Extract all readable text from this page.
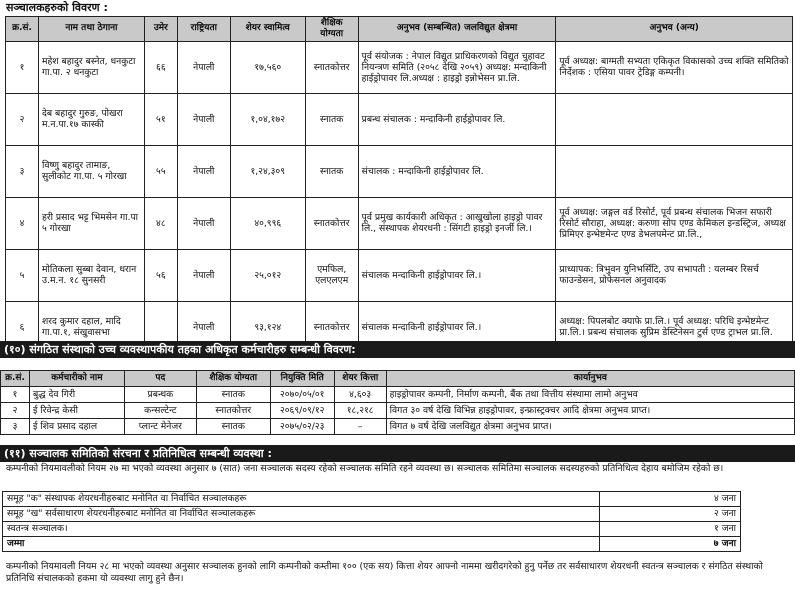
सञ्चालकहरुको विवरण :
क्र.सं.	नाम तथा ठेगाना	उमेर	राष्ट्रियता	शेयर स्वामित्व	शैक्षिक योग्यता	अनुभव (सम्बन्धित) जलविद्युत क्षेत्रमा	अनुभव (अन्य)
१	महेश बहादुर बस्नेत, धनकुटा गा.पा. २ धनकुटा	६६	नेपाली	१७,५६०	स्नातकोत्तर	पूर्व संयोजक : नेपाल विद्युत प्राधिकरणको विद्युत चुहावट नियन्त्रण समिति (२०५८ देखि २०५९) अध्यक्ष: मन्दाकिनी हाईड्रोपावर लि.अध्यक्ष : हाइड्रो इन्नोभेसन प्रा.लि.	पूर्व अध्यक्ष: बाग्मती सभ्यता एकिकृत विकासको उच्च शक्ति समितिको निर्देशक : एसिया पावर ट्रेडिङ्ग कम्पनी।
२	देब बहादुर गुरुङ, पोखरा म.न.पा.१७ कास्की	५१	नेपाली	१,०४,१७२	स्नातक	प्रबन्ध संचालक : मन्दाकिनी हाईड्रोपावर लि.	
३	विष्णु बहादुर तामाङ, सुलीकोट गा.पा. ५ गोरखा	५५	नेपाली	१,२४,३०९	स्नातक	संचालक : मन्दाकिनी हाईड्रोपावर लि.	
४	हरी प्रसाद भट्ट भिमसेन गा.पा ५ गोरखा	४८	नेपाली	४०,९९६	स्नातकोत्तर	पूर्व प्रमुख कार्यकारी अधिकृत : आखुखोला हाइड्रो पावर लि., संस्थापक शेयरधनी : सिंगटी हाइड्रो इनर्जी लि.।	पूर्व अध्यक्ष: जङ्गल वर्ड रिसोर्ट, पूर्व प्रबन्ध संचालक भिजन सफारी रिसोर्ट सौराहा, अध्यक्ष: करुणा सोप एण्ड केमिकल इन्डस्ट्रिज, अध्यक्ष प्रिमिएर इन्भेष्टमेन्ट एण्ड डेभलपमेन्ट प्रा.लि.,
५	मोतिकला सुब्बा देवान, धरान उ.म.न. १८ सुनसरी	५६	नेपाली	२५,०१२	एमफिल, एलएलएम	संचालक मन्दाकिनी हाईड्रोपावर लि.।	प्राध्यापक: त्रिभुवन युनिभर्सिटि, उप सभापती : यलम्बर रिसर्च फाउन्डेसन, प्रोफेसनल अनुवादक
६	शरद कुमार दहाल, मादि गा.पा.१, संखुवासभा		नेपाली	९३,१२४	स्नातकोत्तर	संचालक मन्दाकिनी हाईड्रोपावर लि.।	अध्यक्ष: पिपलबोट क्याफे प्रा.लि.। पूर्व अध्यक्ष: परिधि इन्भेष्टमेन्ट प्रा.लि.। प्रबन्ध संचालक सुप्रिम डेस्टिनेसन टुर्स एण्ड ट्राभल प्रा.लि.
(१०) संगठित संस्थाको उच्च व्यवस्थापकीय तहका अधिकृत कर्मचारीहरु सम्बन्धी विवरण:
क्र.सं.	कर्मचारीको नाम	पद	शैक्षिक योग्यता	नियुक्ति मिति	शेयर कित्ता	कार्यानुभव
१	बुद्ध देव गिरी	प्रबन्धक	स्नातक	२०७०/०५/०१	४,६०३	हाइड्रोपावर कम्पनी, निर्माण कम्पनी, बैंक तथा वित्तीय संस्थामा लामो अनुभव
२	ई रिवेन्द्र केसी	कन्सल्टेन्ट	स्नातकोत्तर	२०६९/०९/१२	१८,२१८	विगत ३० वर्ष देखि विभिन्न हाइड्रोपावर, इन्फ्रास्ट्रक्चर आदि क्षेत्रमा अनुभव प्राप्त।
३	ई शिव प्रसाद दहाल	प्लान्ट मेनेजर	स्नातक	२०७५/०२/२३	–	विगत ७ वर्ष देखि जलविद्युत क्षेत्रमा अनुभव प्राप्त।
(११) सञ्चालक समितिको संरचना र प्रतिनिधित्व सम्बन्धी व्यवस्था :
कम्पनीको नियमावलीको नियम २७ मा भएको व्यवस्था अनुसार ७ (सात) जना सञ्चालक सदस्य रहेको सञ्चालक समिति रहने व्यवस्था छ। सञ्चालक समितिमा सञ्चालक सदस्यहरुको प्रतिनिधित्व देहाय बमोजिम रहेको छ।
समूह "क" संस्थापक शेयरधनीहरुबाट मनोनित वा निर्वाचित सञ्चालकहरू	४ जना
समूह "ख" सर्वसाधारण शेयरधनीहरुबाट मनोनित वा निर्वाचित सञ्चालकहरू	२ जना
स्वतन्त्र सञ्चालक।	१ जना
जम्मा	७ जना
कम्पनीको नियमावली नियम २८ मा भएको व्यवस्था अनुसार सञ्चालक हुनको लागि कम्पनीको कम्तीमा १०० (एक सय) कित्ता शेयर आफ्नो नाममा खरीदगरेको हुनु पर्नेछ तर सर्वसाधारण शेयरधनी स्वतन्त्र सञ्चालक र संगठित संस्थाको प्रतिनिधि संचालकको हकमा यो व्यवस्था लागु हुने छैन।
